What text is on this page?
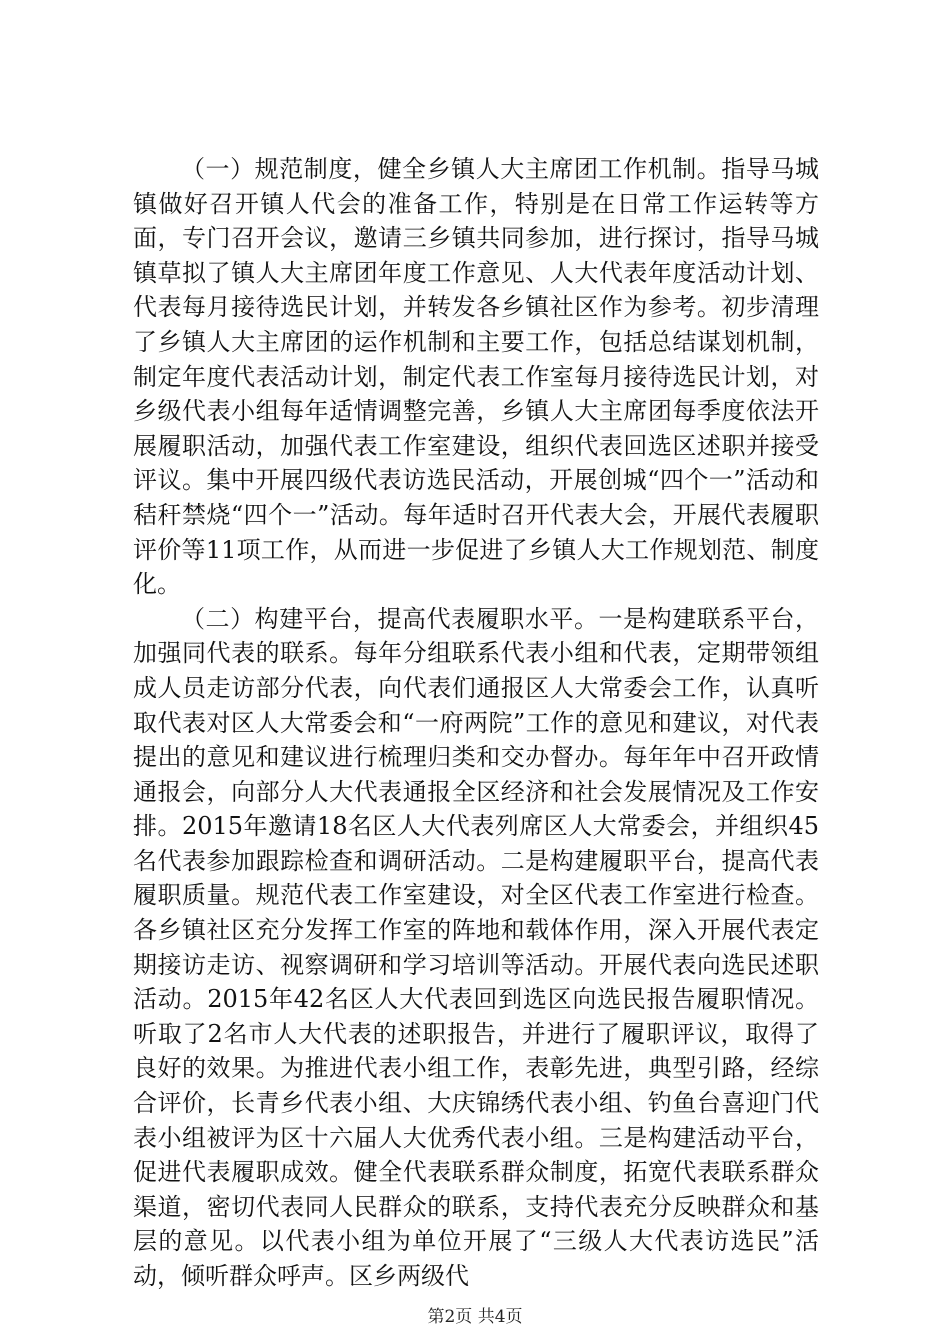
（一）规范制度，健全乡镇人大主席团工作机制。指导马城镇做好召开镇人代会的准备工作，特别是在日常工作运转等方面，专门召开会议，邀请三乡镇共同参加，进行探讨，指导马城镇草拟了镇人大主席团年度工作意见、人大代表年度活动计划、代表每月接待选民计划，并转发各乡镇社区作为参考。初步清理了乡镇人大主席团的运作机制和主要工作，包括总结谋划机制，制定年度代表活动计划，制定代表工作室每月接待选民计划，对乡级代表小组每年适情调整完善，乡镇人大主席团每季度依法开展履职活动，加强代表工作室建设，组织代表回选区述职并接受评议。集中开展四级代表访选民活动，开展创城“四个一”活动和秸秆禁烧“四个一”活动。每年适时召开代表大会，开展代表履职评价等11项工作，从而进一步促进了乡镇人大工作规划范、制度化。

（二）构建平台，提高代表履职水平。一是构建联系平台，加强同代表的联系。每年分组联系代表小组和代表，定期带领组成人员走访部分代表，向代表们通报区人大常委会工作，认真听取代表对区人大常委会和“一府两院”工作的意见和建议，对代表提出的意见和建议进行梳理归类和交办督办。每年年中召开政情通报会，向部分人大代表通报全区经济和社会发展情况及工作安排。2015年邀请18名区人大代表列席区人大常委会，并组织45名代表参加跟踪检查和调研活动。二是构建履职平台，提高代表履职质量。规范代表工作室建设，对全区代表工作室进行检查。各乡镇社区充分发挥工作室的阵地和载体作用，深入开展代表定期接访走访、视察调研和学习培训等活动。开展代表向选民述职活动。2015年42名区人大代表回到选区向选民报告履职情况。听取了2名市人大代表的述职报告，并进行了履职评议，取得了良好的效果。为推进代表小组工作，表彰先进，典型引路，经综合评价，长青乡代表小组、大庆锦绣代表小组、钓鱼台喜迎门代表小组被评为区十六届人大优秀代表小组。三是构建活动平台，促进代表履职成效。健全代表联系群众制度，拓宽代表联系群众渠道，密切代表同人民群众的联系，支持代表充分反映群众和基层的意见。以代表小组为单位开展了“三级人大代表访选民”活动，倾听群众呼声。区乡两级代

第2页 共4页
